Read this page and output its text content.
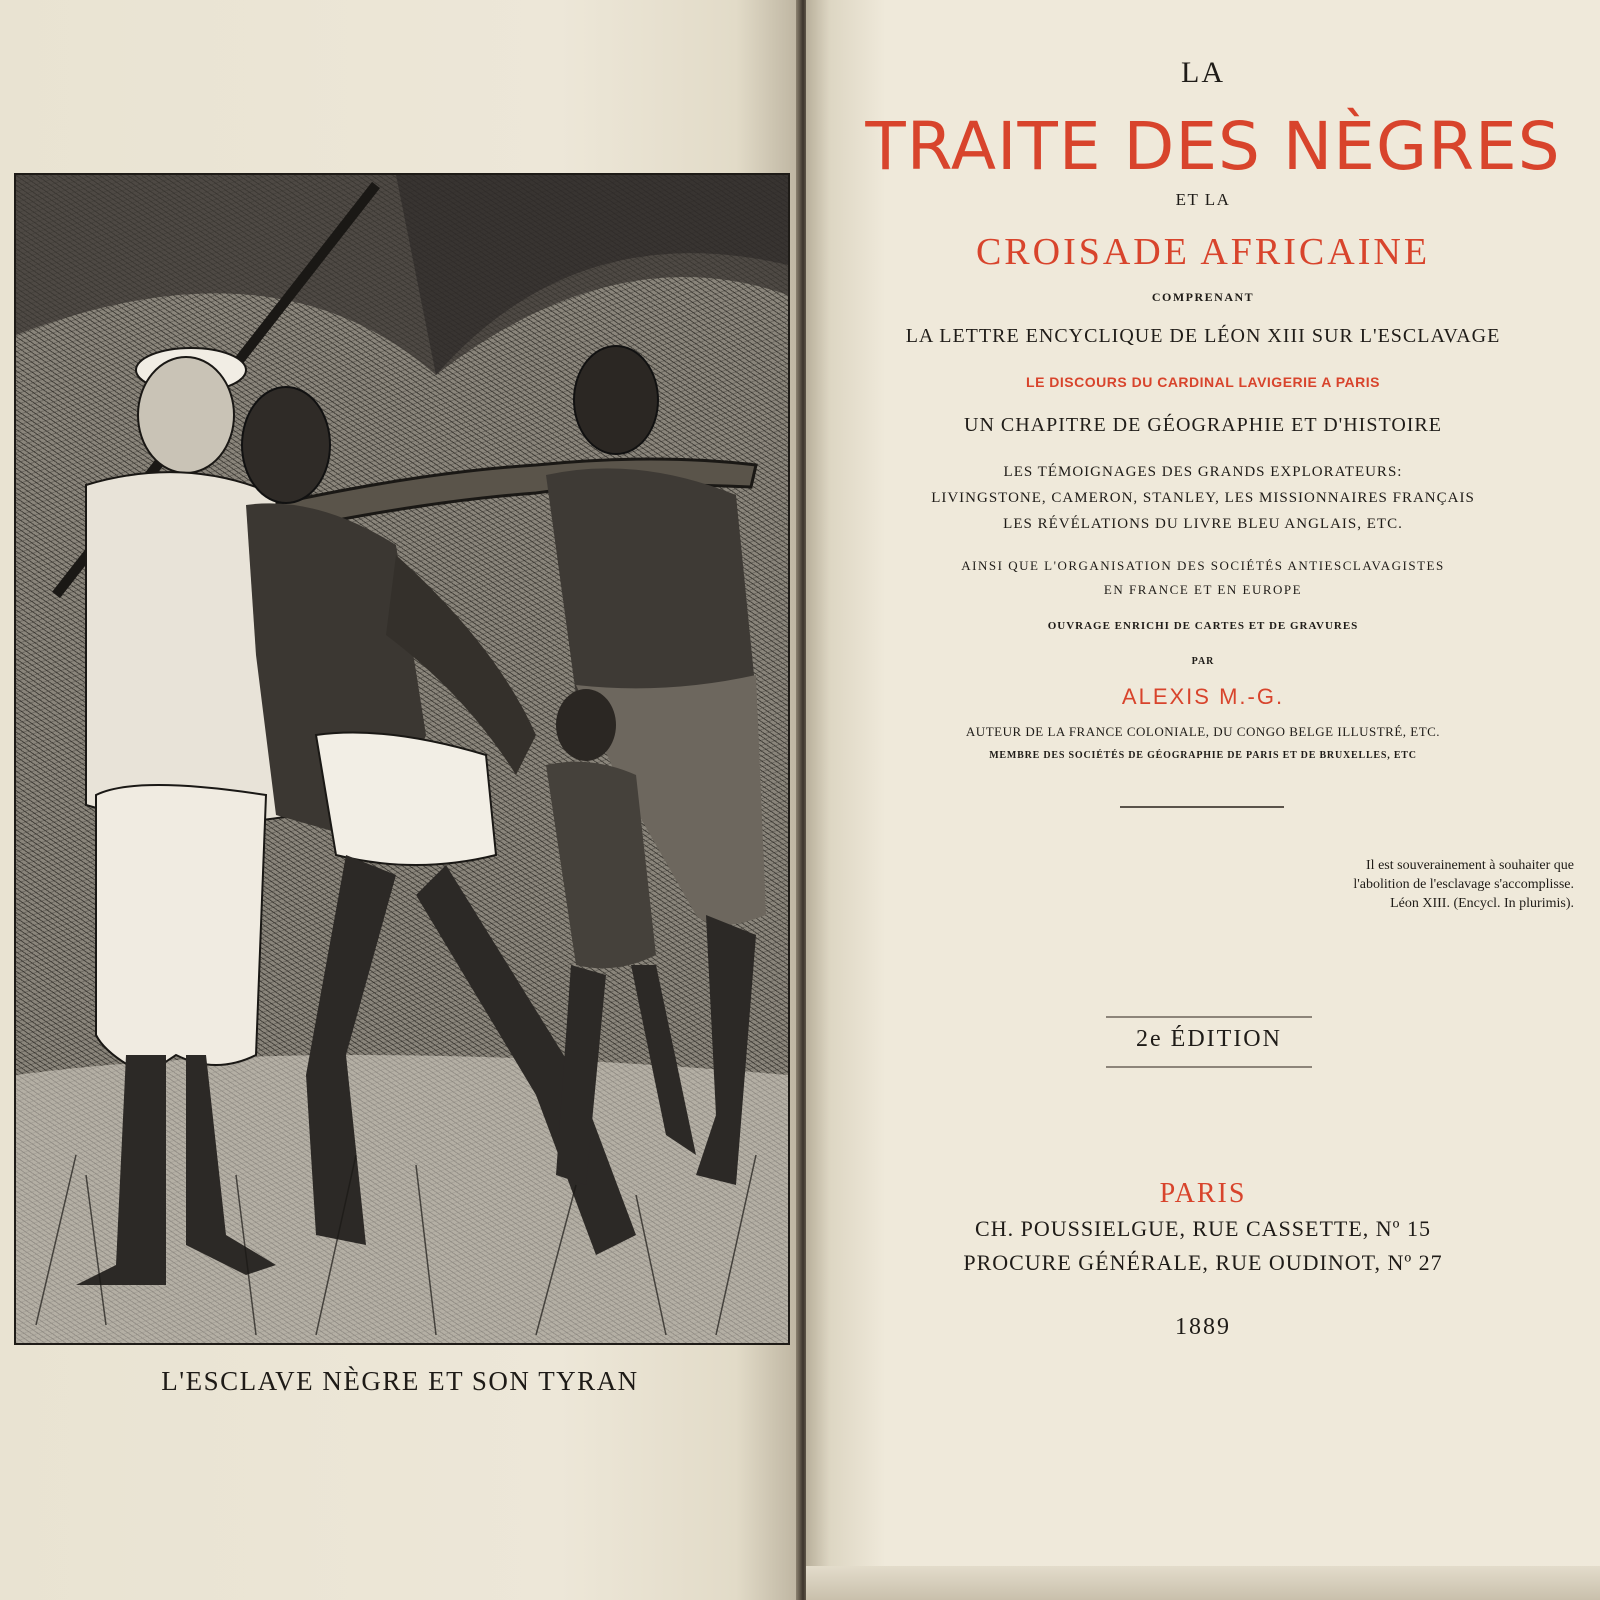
L'ESCLAVE NÈGRE ET SON TYRAN
LA
TRAITE DES NÈGRES
ET LA
CROISADE AFRICAINE
COMPRENANT
LA LETTRE ENCYCLIQUE DE LÉON XIII SUR L'ESCLAVAGE
LE DISCOURS DU CARDINAL LAVIGERIE A PARIS
UN CHAPITRE DE GÉOGRAPHIE ET D'HISTOIRE
LES TÉMOIGNAGES DES GRANDS EXPLORATEURS:
LIVINGSTONE, CAMERON, STANLEY, LES MISSIONNAIRES FRANÇAIS
LES RÉVÉLATIONS DU LIVRE BLEU ANGLAIS, ETC.
AINSI QUE L'ORGANISATION DES SOCIÉTÉS ANTIESCLAVAGISTES
EN FRANCE ET EN EUROPE
OUVRAGE ENRICHI DE CARTES ET DE GRAVURES
PAR
ALEXIS M.-G.
AUTEUR DE LA FRANCE COLONIALE, DU CONGO BELGE ILLUSTRÉ, ETC.
MEMBRE DES SOCIÉTÉS DE GÉOGRAPHIE DE PARIS ET DE BRUXELLES, ETC
Il est souverainement à souhaiter que
l'abolition de l'esclavage s'accomplisse.
Léon XIII. (Encycl. In plurimis).
2e ÉDITION
PARIS
CH. POUSSIELGUE, RUE CASSETTE, Nº 15
PROCURE GÉNÉRALE, RUE OUDINOT, Nº 27
1889
